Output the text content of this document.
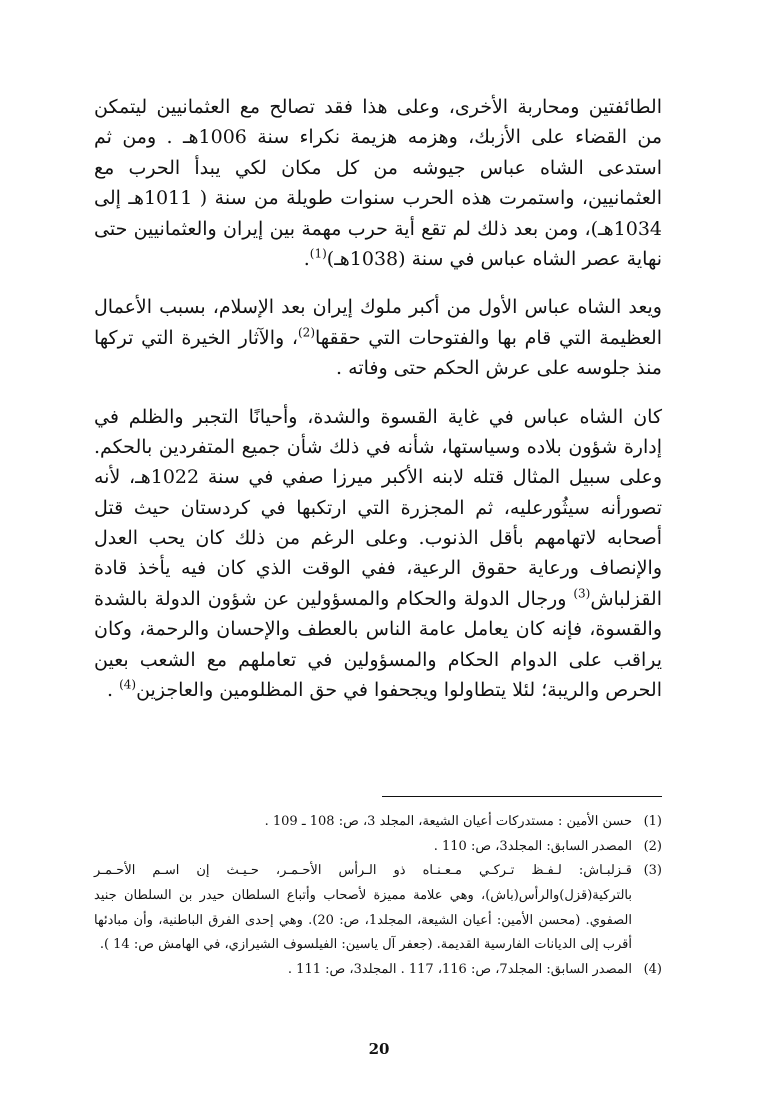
الطائفتين ومحاربة الأخرى، وعلى هذا فقد تصالح مع العثمانيين ليتمكن من القضاء على الأزبك، وهزمه هزيمة نكراء سنة 1006هـ . ومن ثم استدعى الشاه عباس جيوشه من كل مكان لكي يبدأ الحرب مع العثمانيين، واستمرت هذه الحرب سنوات طويلة من سنة ( 1011هـ إلى 1034هـ)، ومن بعد ذلك لم تقع أية حرب مهمة بين إيران والعثمانيين حتى نهاية عصر الشاه عباس في سنة (1038هـ)$^{(1)}$.

ويعد الشاه عباس الأول من أكبر ملوك إيران بعد الإسلام، بسبب الأعمال العظيمة التي قام بها والفتوحات التي حققها$^{(2)}$، والآثار الخيرة التي تركها منذ جلوسه على عرش الحكم حتى وفاته .

كان الشاه عباس في غاية القسوة والشدة، وأحيانًا التجبر والظلم في إدارة شؤون بلاده وسياستها، شأنه في ذلك شأن جميع المتفردين بالحكم. وعلى سبيل المثال قتله لابنه الأكبر ميرزا صفي في سنة 1022هـ، لأنه تصورأنه سيثُورعليه، ثم المجزرة التي ارتكبها في كردستان حيث قتل أصحابه لاتهامهم بأقل الذنوب. وعلى الرغم من ذلك كان يحب العدل والإنصاف ورعاية حقوق الرعية، ففي الوقت الذي كان فيه يأخذ قادة القزلباش$^{(3)}$ ورجال الدولة والحكام والمسؤولين عن شؤون الدولة بالشدة والقسوة، فإنه كان يعامل عامة الناس بالعطف والإحسان والرحمة، وكان يراقب على الدوام الحكام والمسؤولين في تعاملهم مع الشعب بعين الحرص والريبة؛ لئلا يتطاولوا ويجحفوا في حق المظلومين والعاجزين$^{(4)}$ .

(1)
حسن الأمين : مستدركات أعيان الشيعة، المجلد 3، ص: 108 ـ 109 .
(2)
المصدر السابق: المجلد3، ص: 110 .
(3)
قـزلبـاش: لـفـظ تـركـي مـعـنـاه ذو الـرأس الأحـمـر، حـيـث إن اسـم الأحـمـر بالتركية(قزل)والرأس(باش)، وهي علامة مميزة لأصحاب وأتباع السلطان حيدر بن السلطان جنيد الصفوي. (محسن الأمين: أعيان الشيعة، المجلد1، ص: 20). وهي إحدى الفرق الباطنية، وأن مبادئها أقرب إلى الديانات الفارسية القديمة. (جعفر آل ياسين: الفيلسوف الشيرازي، في الهامش ص: 14 ).
(4)
المصدر السابق: المجلد7، ص: 116، 117 . المجلد3، ص: 111 .
20
